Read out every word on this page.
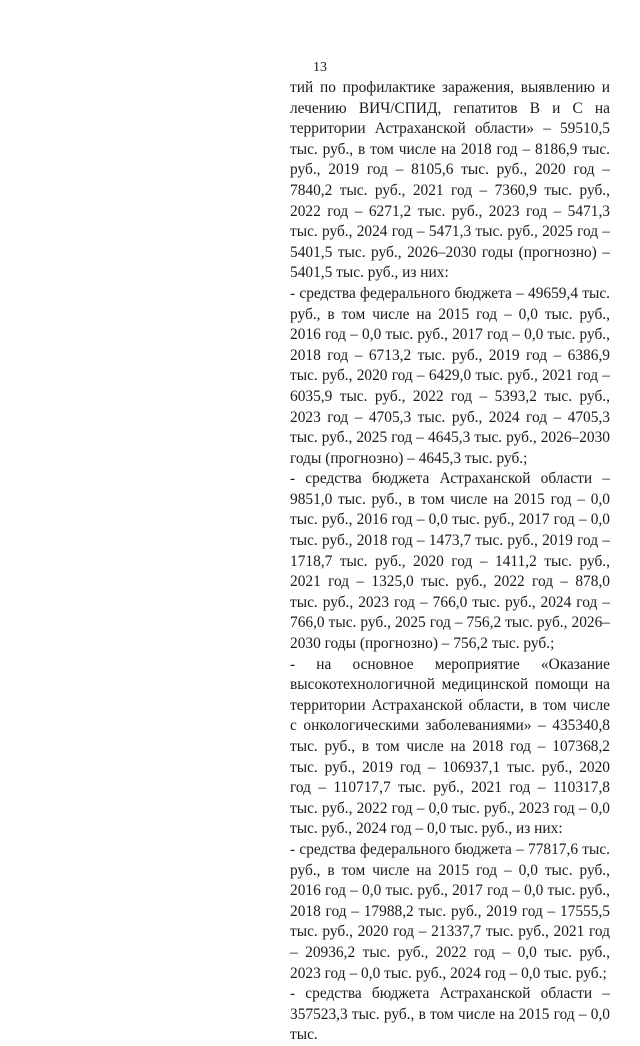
13

тий по профилактике заражения, выявлению и лечению ВИЧ/СПИД, гепатитов В и С на территории Астраханской области» – 59510,5 тыс. руб., в том числе на 2018 год – 8186,9 тыс. руб., 2019 год – 8105,6 тыс. руб., 2020 год – 7840,2 тыс. руб., 2021 год – 7360,9 тыс. руб., 2022 год – 6271,2 тыс. руб., 2023 год – 5471,3 тыс. руб., 2024 год – 5471,3 тыс. руб., 2025 год – 5401,5 тыс. руб., 2026–2030 годы (прогнозно) – 5401,5 тыс. руб., из них:

- средства федерального бюджета – 49659,4 тыс. руб., в том числе на 2015 год – 0,0 тыс. руб., 2016 год – 0,0 тыс. руб., 2017 год – 0,0 тыс. руб., 2018 год – 6713,2 тыс. руб., 2019 год – 6386,9 тыс. руб., 2020 год – 6429,0 тыс. руб., 2021 год – 6035,9 тыс. руб., 2022 год – 5393,2 тыс. руб., 2023 год – 4705,3 тыс. руб., 2024 год – 4705,3 тыс. руб., 2025 год – 4645,3 тыс. руб., 2026–2030 годы (прогнозно) – 4645,3 тыс. руб.;

- средства бюджета Астраханской области – 9851,0 тыс. руб., в том числе на 2015 год – 0,0 тыс. руб., 2016 год – 0,0 тыс. руб., 2017 год – 0,0 тыс. руб., 2018 год – 1473,7 тыс. руб., 2019 год – 1718,7 тыс. руб., 2020 год – 1411,2 тыс. руб., 2021 год – 1325,0 тыс. руб., 2022 год – 878,0 тыс. руб., 2023 год – 766,0 тыс. руб., 2024 год – 766,0 тыс. руб., 2025 год – 756,2 тыс. руб., 2026–2030 годы (прогнозно) – 756,2 тыс. руб.;

- на основное мероприятие «Оказание высокотехнологичной медицинской помощи на территории Астраханской области, в том числе с онкологическими заболеваниями» – 435340,8 тыс. руб., в том числе на 2018 год – 107368,2 тыс. руб., 2019 год – 106937,1 тыс. руб., 2020 год – 110717,7 тыс. руб., 2021 год – 110317,8 тыс. руб., 2022 год – 0,0 тыс. руб., 2023 год – 0,0 тыс. руб., 2024 год – 0,0 тыс. руб., из них:

- средства федерального бюджета – 77817,6 тыс. руб., в том числе на 2015 год – 0,0 тыс. руб., 2016 год – 0,0 тыс. руб., 2017 год – 0,0 тыс. руб., 2018 год – 17988,2 тыс. руб., 2019 год – 17555,5 тыс. руб., 2020 год – 21337,7 тыс. руб., 2021 год – 20936,2 тыс. руб., 2022 год – 0,0 тыс. руб., 2023 год – 0,0 тыс. руб., 2024 год – 0,0 тыс. руб.;

- средства бюджета Астраханской области – 357523,3 тыс. руб., в том числе на 2015 год – 0,0 тыс.
